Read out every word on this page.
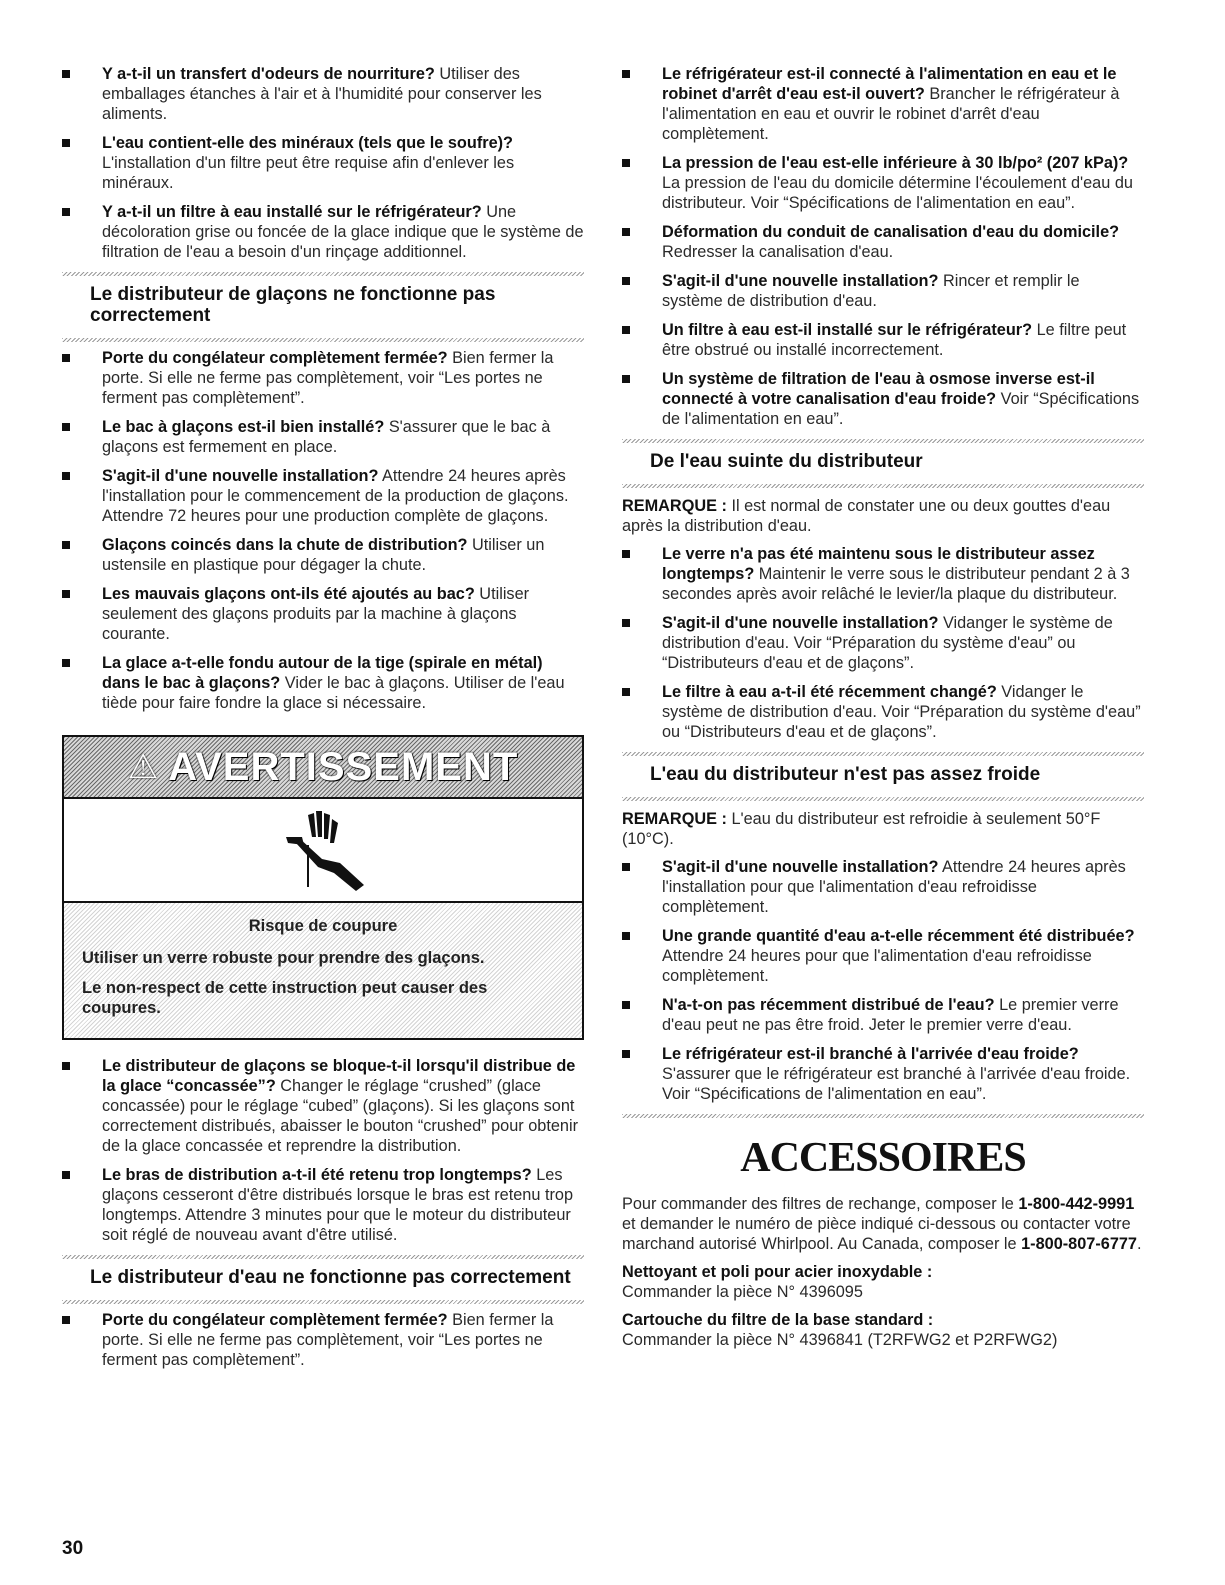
Y a-t-il un transfert d'odeurs de nourriture? Utiliser des emballages étanches à l'air et à l'humidité pour conserver les aliments.
L'eau contient-elle des minéraux (tels que le soufre)? L'installation d'un filtre peut être requise afin d'enlever les minéraux.
Y a-t-il un filtre à eau installé sur le réfrigérateur? Une décoloration grise ou foncée de la glace indique que le système de filtration de l'eau a besoin d'un rinçage additionnel.
Le distributeur de glaçons ne fonctionne pas correctement
Porte du congélateur complètement fermée? Bien fermer la porte. Si elle ne ferme pas complètement, voir “Les portes ne ferment pas complètement”.
Le bac à glaçons est-il bien installé? S'assurer que le bac à glaçons est fermement en place.
S'agit-il d'une nouvelle installation? Attendre 24 heures après l'installation pour le commencement de la production de glaçons. Attendre 72 heures pour une production complète de glaçons.
Glaçons coincés dans la chute de distribution? Utiliser un ustensile en plastique pour dégager la chute.
Les mauvais glaçons ont-ils été ajoutés au bac? Utiliser seulement des glaçons produits par la machine à glaçons courante.
La glace a-t-elle fondu autour de la tige (spirale en métal) dans le bac à glaçons? Vider le bac à glaçons. Utiliser de l'eau tiède pour faire fondre la glace si nécessaire.
⚠ AVERTISSEMENT
Risque de coupure
Utiliser un verre robuste pour prendre des glaçons.
Le non-respect de cette instruction peut causer des coupures.
Le distributeur de glaçons se bloque-t-il lorsqu'il distribue de la glace “concassée”? Changer le réglage “crushed” (glace concassée) pour le réglage “cubed” (glaçons). Si les glaçons sont correctement distribués, abaisser le bouton “crushed” pour obtenir de la glace concassée et reprendre la distribution.
Le bras de distribution a-t-il été retenu trop longtemps? Les glaçons cesseront d'être distribués lorsque le bras est retenu trop longtemps. Attendre 3 minutes pour que le moteur du distributeur soit réglé de nouveau avant d'être utilisé.
Le distributeur d'eau ne fonctionne pas correctement
Porte du congélateur complètement fermée? Bien fermer la porte. Si elle ne ferme pas complètement, voir “Les portes ne ferment pas complètement”.
Le réfrigérateur est-il connecté à l'alimentation en eau et le robinet d'arrêt d'eau est-il ouvert? Brancher le réfrigérateur à l'alimentation en eau et ouvrir le robinet d'arrêt d'eau complètement.
La pression de l'eau est-elle inférieure à 30 lb/po² (207 kPa)? La pression de l'eau du domicile détermine l'écoulement d'eau du distributeur. Voir “Spécifications de l'alimentation en eau”.
Déformation du conduit de canalisation d'eau du domicile? Redresser la canalisation d'eau.
S'agit-il d'une nouvelle installation? Rincer et remplir le système de distribution d'eau.
Un filtre à eau est-il installé sur le réfrigérateur? Le filtre peut être obstrué ou installé incorrectement.
Un système de filtration de l'eau à osmose inverse est-il connecté à votre canalisation d'eau froide? Voir “Spécifications de l'alimentation en eau”.
De l'eau suinte du distributeur
REMARQUE : Il est normal de constater une ou deux gouttes d'eau après la distribution d'eau.
Le verre n'a pas été maintenu sous le distributeur assez longtemps? Maintenir le verre sous le distributeur pendant 2 à 3 secondes après avoir relâché le levier/la plaque du distributeur.
S'agit-il d'une nouvelle installation? Vidanger le système de distribution d'eau. Voir “Préparation du système d'eau” ou “Distributeurs d'eau et de glaçons”.
Le filtre à eau a-t-il été récemment changé? Vidanger le système de distribution d'eau. Voir “Préparation du système d'eau” ou “Distributeurs d'eau et de glaçons”.
L'eau du distributeur n'est pas assez froide
REMARQUE : L'eau du distributeur est refroidie à seulement 50°F (10°C).
S'agit-il d'une nouvelle installation? Attendre 24 heures après l'installation pour que l'alimentation d'eau refroidisse complètement.
Une grande quantité d'eau a-t-elle récemment été distribuée? Attendre 24 heures pour que l'alimentation d'eau refroidisse complètement.
N'a-t-on pas récemment distribué de l'eau? Le premier verre d'eau peut ne pas être froid. Jeter le premier verre d'eau.
Le réfrigérateur est-il branché à l'arrivée d'eau froide? S'assurer que le réfrigérateur est branché à l'arrivée d'eau froide. Voir “Spécifications de l'alimentation en eau”.
ACCESSOIRES
Pour commander des filtres de rechange, composer le 1-800-442-9991 et demander le numéro de pièce indiqué ci-dessous ou contacter votre marchand autorisé Whirlpool. Au Canada, composer le 1-800-807-6777.
Nettoyant et poli pour acier inoxydable :
Commander la pièce N° 4396095
Cartouche du filtre de la base standard :
Commander la pièce N° 4396841 (T2RFWG2 et P2RFWG2)
30
